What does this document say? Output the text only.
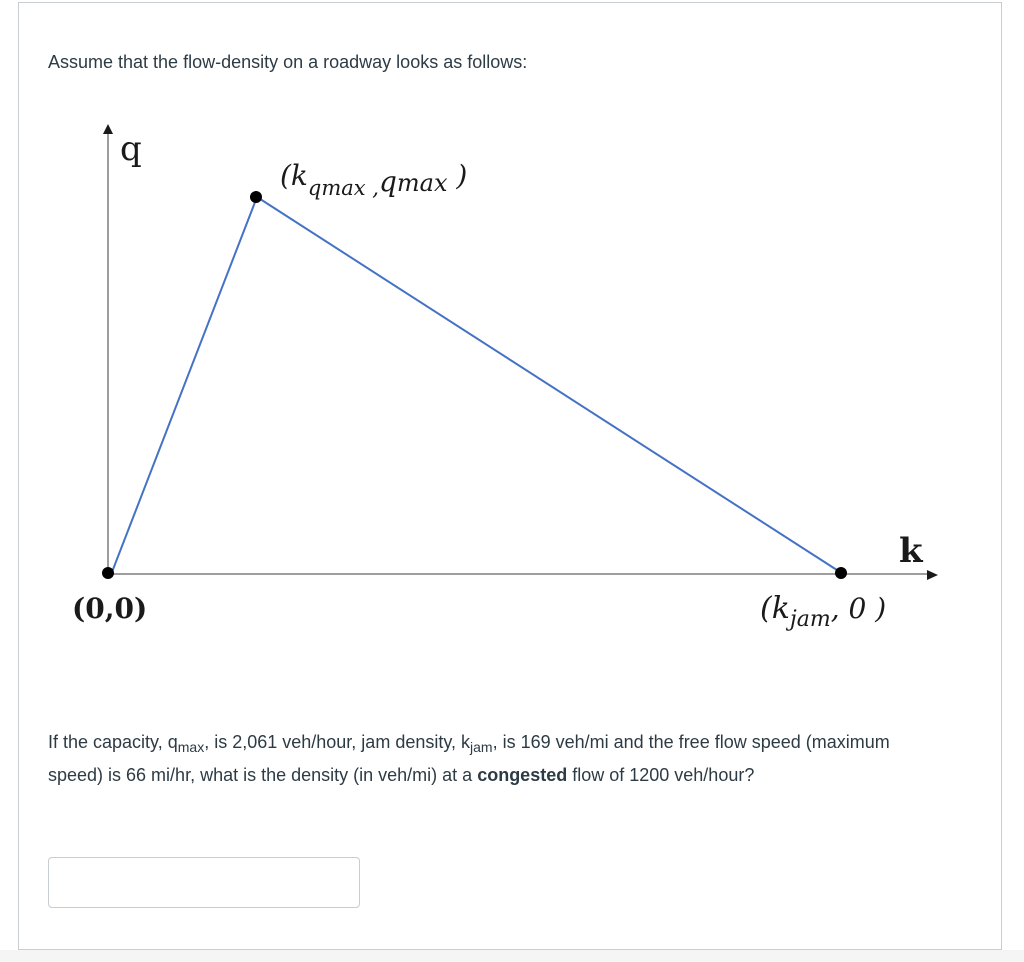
Assume that the flow-density on a roadway looks as follows:

q
k
(0,0)
($k_{qmax}$ ,qmax )
($k_{jam}$, 0 )

If the capacity, $q_{max}$, is 2,061 veh/hour, jam density, $k_{jam}$, is 169 veh/mi and the free flow speed (maximum speed) is 66 mi/hr, what is the density (in veh/mi) at a congested flow of 1200 veh/hour?
